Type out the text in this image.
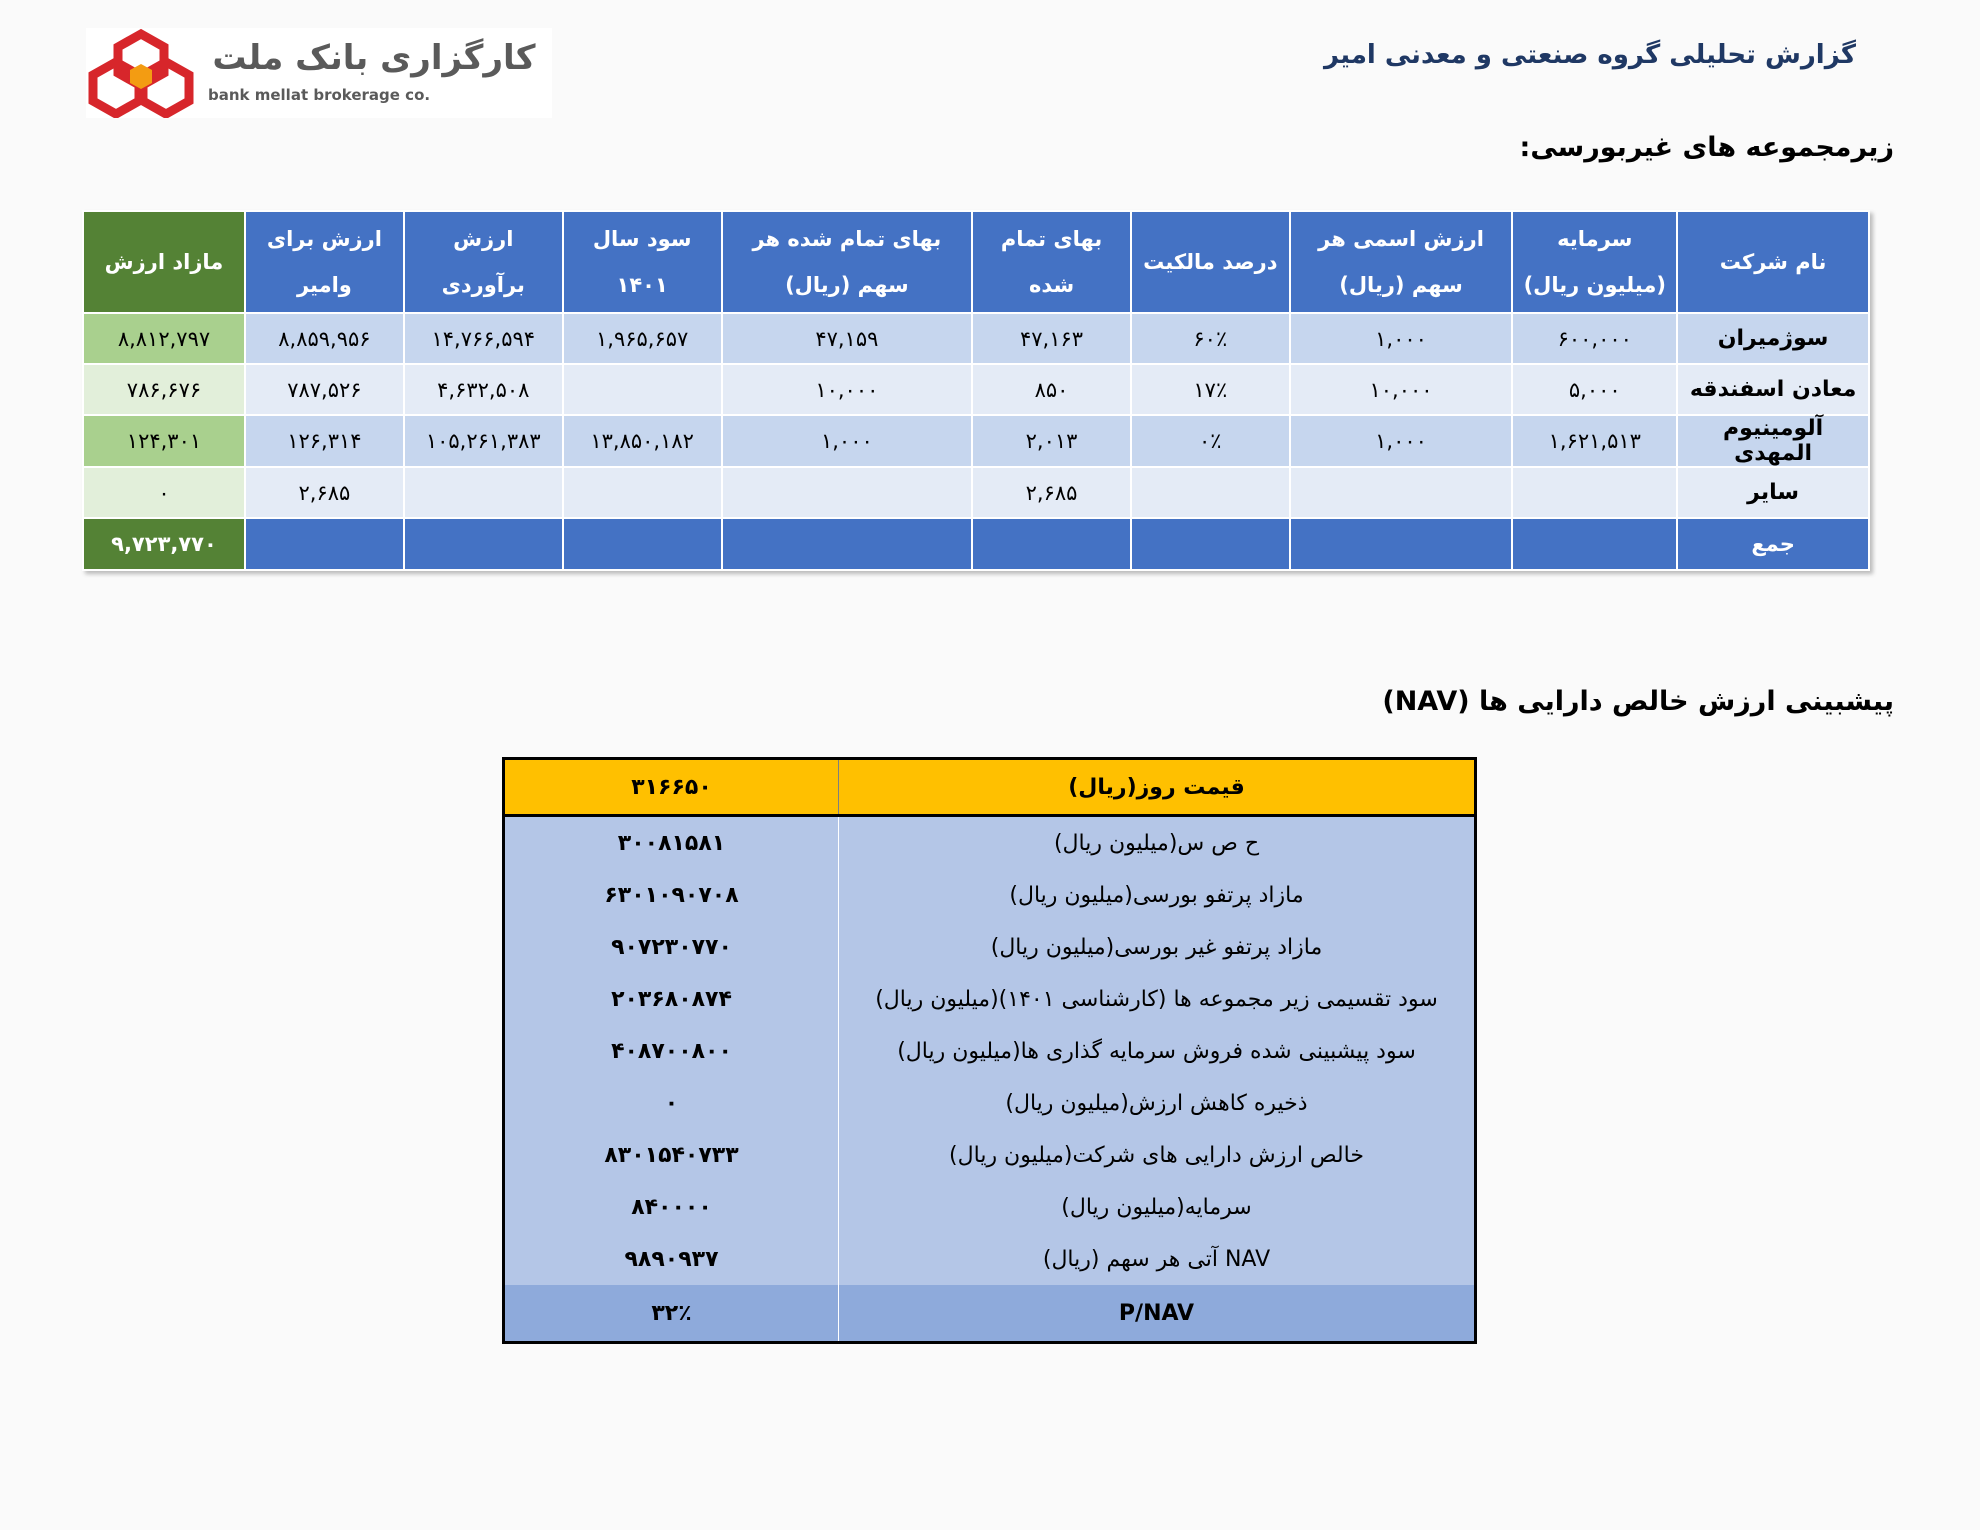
کارگزاری بانک ملت
bank mellat brokerage co.
گزارش تحلیلی گروه صنعتی و معدنی امیر
زیرمجموعه های غیربورسی:
نام شرکت	سرمایه (میلیون ریال)	ارزش اسمی هر سهم (ریال)	درصد مالکیت	بهای تمام شده	بهای تمام شده هر سهم (ریال)	سود سال ۱۴۰۱	ارزش برآوردی	ارزش برای وامیر	مازاد ارزش
سوژمیران	۶۰۰,۰۰۰	۱,۰۰۰	۶۰٪	۴۷,۱۶۳	۴۷,۱۵۹	۱,۹۶۵,۶۵۷	۱۴,۷۶۶,۵۹۴	۸,۸۵۹,۹۵۶	۸,۸۱۲,۷۹۷
معادن اسفندقه	۵,۰۰۰	۱۰,۰۰۰	۱۷٪	۸۵۰	۱۰,۰۰۰		۴,۶۳۲,۵۰۸	۷۸۷,۵۲۶	۷۸۶,۶۷۶
آلومینیوم المهدی	۱,۶۲۱,۵۱۳	۱,۰۰۰	۰٪	۲,۰۱۳	۱,۰۰۰	۱۳,۸۵۰,۱۸۲	۱۰۵,۲۶۱,۳۸۳	۱۲۶,۳۱۴	۱۲۴,۳۰۱
سایر				۲,۶۸۵				۲,۶۸۵	۰
جمع									۹,۷۲۳,۷۷۰
پیشبینی ارزش خالص دارایی ها (NAV)
قیمت روز(ریال)	۳۱۶۶۵۰
ح ص س(میلیون ریال)	۳۰۰۸۱۵۸۱
مازاد پرتفو بورسی(میلیون ریال)	۶۳۰۱۰۹۰۷۰۸
مازاد پرتفو غیر بورسی(میلیون ریال)	۹۰۷۲۳۰۷۷۰
سود تقسیمی زیر مجموعه ها (کارشناسی ۱۴۰۱)(میلیون ریال)	۲۰۳۶۸۰۸۷۴
سود پیشبینی شده فروش سرمایه گذاری ها(میلیون ریال)	۴۰۸۷۰۰۸۰۰
ذخیره کاهش ارزش(میلیون ریال)	۰
خالص ارزش دارایی های شرکت(میلیون ریال)	۸۳۰۱۵۴۰۷۳۳
سرمایه(میلیون ریال)	۸۴۰۰۰۰
NAV آتی هر سهم (ریال)	۹۸۹۰۹۳۷
P/NAV	۳۲٪
